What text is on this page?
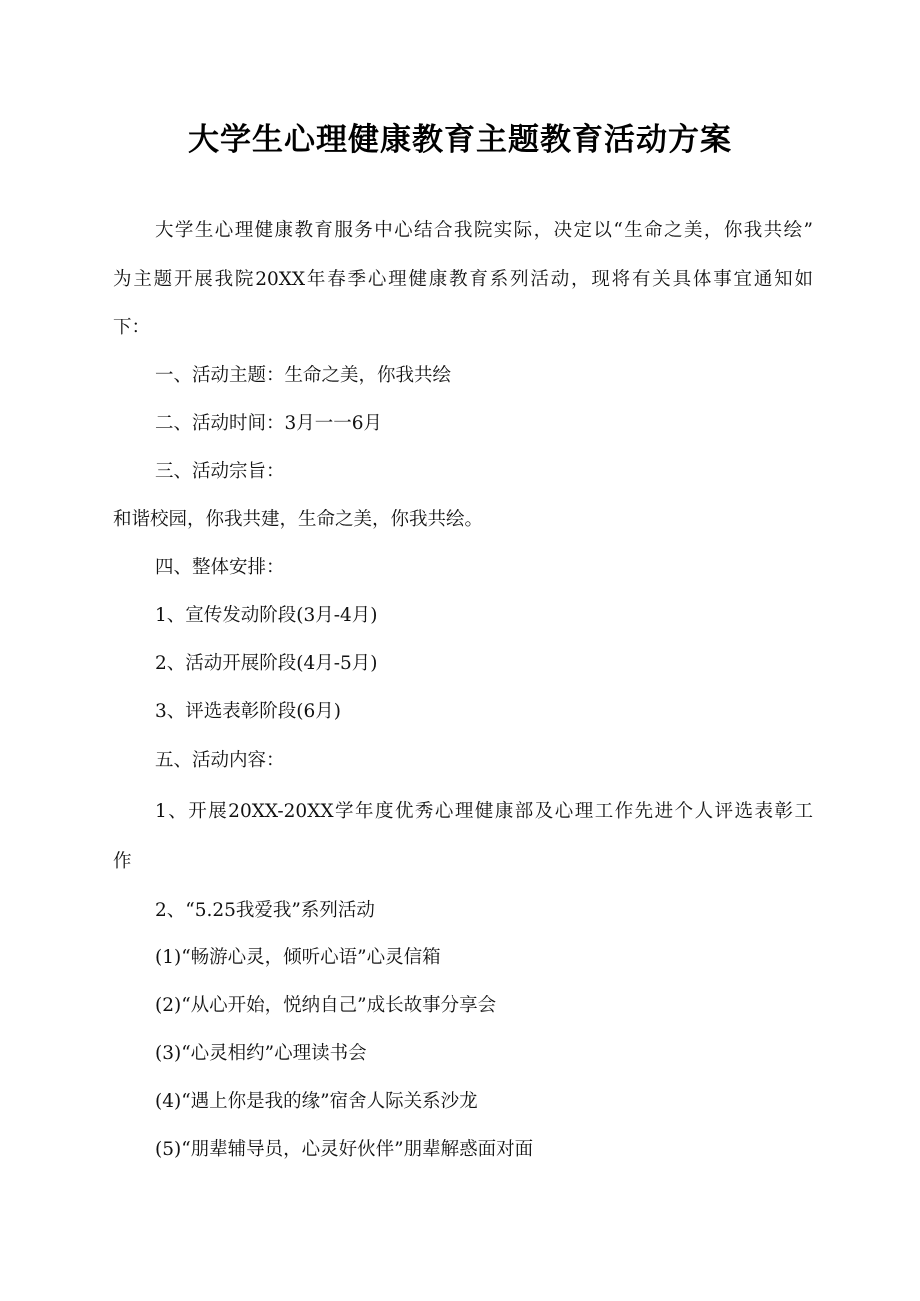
大学生心理健康教育主题教育活动方案
大学生心理健康教育服务中心结合我院实际，决定以“生命之美，你我共绘”
为主题开展我院20XX年春季心理健康教育系列活动，现将有关具体事宜通知如
下：
一、活动主题：生命之美，你我共绘
二、活动时间：3月一一6月
三、活动宗旨：
和谐校园，你我共建，生命之美，你我共绘。
四、整体安排：
1、宣传发动阶段(3月-4月)
2、活动开展阶段(4月-5月)
3、评选表彰阶段(6月)
五、活动内容：
1、开展20XX-20XX学年度优秀心理健康部及心理工作先进个人评选表彰工
作
2、“5.25我爱我”系列活动
(1)“畅游心灵，倾听心语”心灵信箱
(2)“从心开始，悦纳自己”成长故事分享会
(3)“心灵相约”心理读书会
(4)“遇上你是我的缘”宿舍人际关系沙龙
(5)“朋辈辅导员，心灵好伙伴”朋辈解惑面对面
